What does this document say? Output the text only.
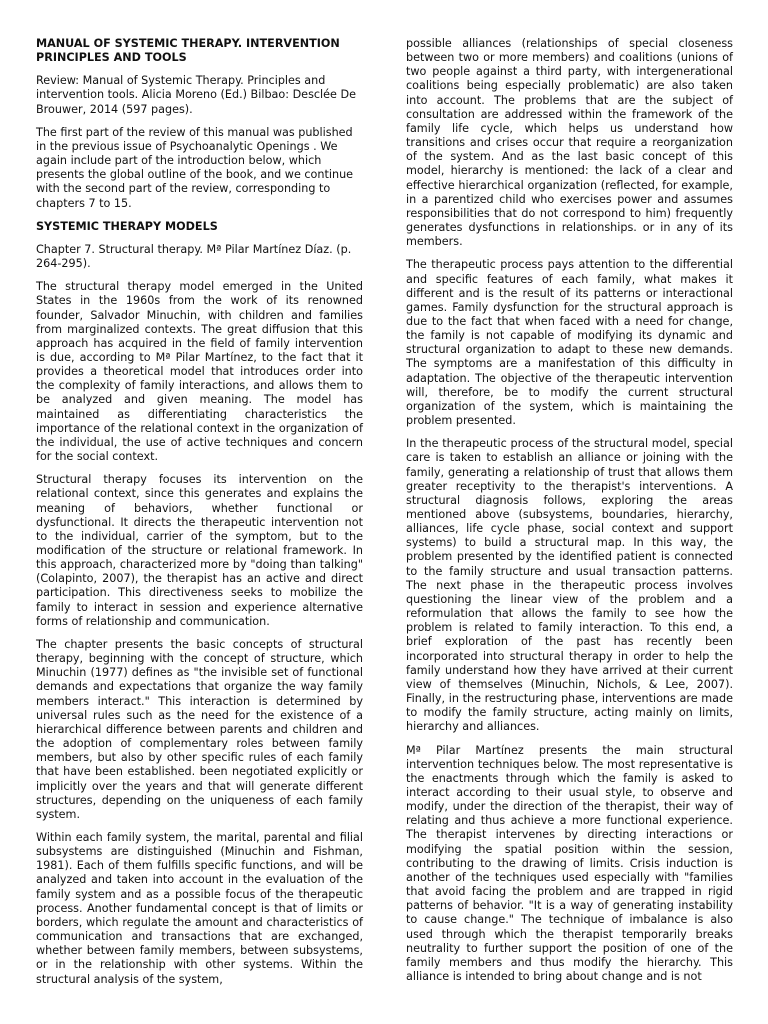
MANUAL OF SYSTEMIC THERAPY. INTERVENTION PRINCIPLES AND TOOLS

Review: Manual of Systemic Therapy. Principles and intervention tools. Alicia Moreno (Ed.) Bilbao: Desclée De Brouwer, 2014 (597 pages).

The first part of the review of this manual was published in the previous issue of Psychoanalytic Openings . We again include part of the introduction below, which presents the global outline of the book, and we continue with the second part of the review, corresponding to chapters 7 to 15.

SYSTEMIC THERAPY MODELS

Chapter 7. Structural therapy. Mª Pilar Martínez Díaz. (p. 264-295).

The structural therapy model emerged in the United States in the 1960s from the work of its renowned founder, Salvador Minuchin, with children and families from marginalized contexts. The great diffusion that this approach has acquired in the field of family intervention is due, according to Mª Pilar Martínez, to the fact that it provides a theoretical model that introduces order into the complexity of family interactions, and allows them to be analyzed and given meaning. The model has maintained as differentiating characteristics the importance of the relational context in the organization of the individual, the use of active techniques and concern for the social context.

Structural therapy focuses its intervention on the relational context, since this generates and explains the meaning of behaviors, whether functional or dysfunctional. It directs the therapeutic intervention not to the individual, carrier of the symptom, but to the modification of the structure or relational framework. In this approach, characterized more by "doing than talking" (Colapinto, 2007), the therapist has an active and direct participation. This directiveness seeks to mobilize the family to interact in session and experience alternative forms of relationship and communication.

The chapter presents the basic concepts of structural therapy, beginning with the concept of structure, which Minuchin (1977) defines as "the invisible set of functional demands and expectations that organize the way family members interact." This interaction is determined by universal rules such as the need for the existence of a hierarchical difference between parents and children and the adoption of complementary roles between family members, but also by other specific rules of each family that have been established. been negotiated explicitly or implicitly over the years and that will generate different structures, depending on the uniqueness of each family system.

Within each family system, the marital, parental and filial subsystems are distinguished (Minuchin and Fishman, 1981). Each of them fulfills specific functions, and will be analyzed and taken into account in the evaluation of the family system and as a possible focus of the therapeutic process. Another fundamental concept is that of limits or borders, which regulate the amount and characteristics of communication and transactions that are exchanged, whether between family members, between subsystems, or in the relationship with other systems. Within the structural analysis of the system,

possible alliances (relationships of special closeness between two or more members) and coalitions (unions of two people against a third party, with intergenerational coalitions being especially problematic) are also taken into account. The problems that are the subject of consultation are addressed within the framework of the family life cycle, which helps us understand how transitions and crises occur that require a reorganization of the system. And as the last basic concept of this model, hierarchy is mentioned: the lack of a clear and effective hierarchical organization (reflected, for example, in a parentized child who exercises power and assumes responsibilities that do not correspond to him) frequently generates dysfunctions in relationships. or in any of its members.

The therapeutic process pays attention to the differential and specific features of each family, what makes it different and is the result of its patterns or interactional games. Family dysfunction for the structural approach is due to the fact that when faced with a need for change, the family is not capable of modifying its dynamic and structural organization to adapt to these new demands. The symptoms are a manifestation of this difficulty in adaptation. The objective of the therapeutic intervention will, therefore, be to modify the current structural organization of the system, which is maintaining the problem presented.

In the therapeutic process of the structural model, special care is taken to establish an alliance or joining with the family, generating a relationship of trust that allows them greater receptivity to the therapist's interventions. A structural diagnosis follows, exploring the areas mentioned above (subsystems, boundaries, hierarchy, alliances, life cycle phase, social context and support systems) to build a structural map. In this way, the problem presented by the identified patient is connected to the family structure and usual transaction patterns. The next phase in the therapeutic process involves questioning the linear view of the problem and a reformulation that allows the family to see how the problem is related to family interaction. To this end, a brief exploration of the past has recently been incorporated into structural therapy in order to help the family understand how they have arrived at their current view of themselves (Minuchin, Nichols, & Lee, 2007). Finally, in the restructuring phase, interventions are made to modify the family structure, acting mainly on limits, hierarchy and alliances.

Mª Pilar Martínez presents the main structural intervention techniques below. The most representative is the enactments through which the family is asked to interact according to their usual style, to observe and modify, under the direction of the therapist, their way of relating and thus achieve a more functional experience. The therapist intervenes by directing interactions or modifying the spatial position within the session, contributing to the drawing of limits. Crisis induction is another of the techniques used especially with "families that avoid facing the problem and are trapped in rigid patterns of behavior. "It is a way of generating instability to cause change." The technique of imbalance is also used through which the therapist temporarily breaks neutrality to further support the position of one of the family members and thus modify the hierarchy. This alliance is intended to bring about change and is not
